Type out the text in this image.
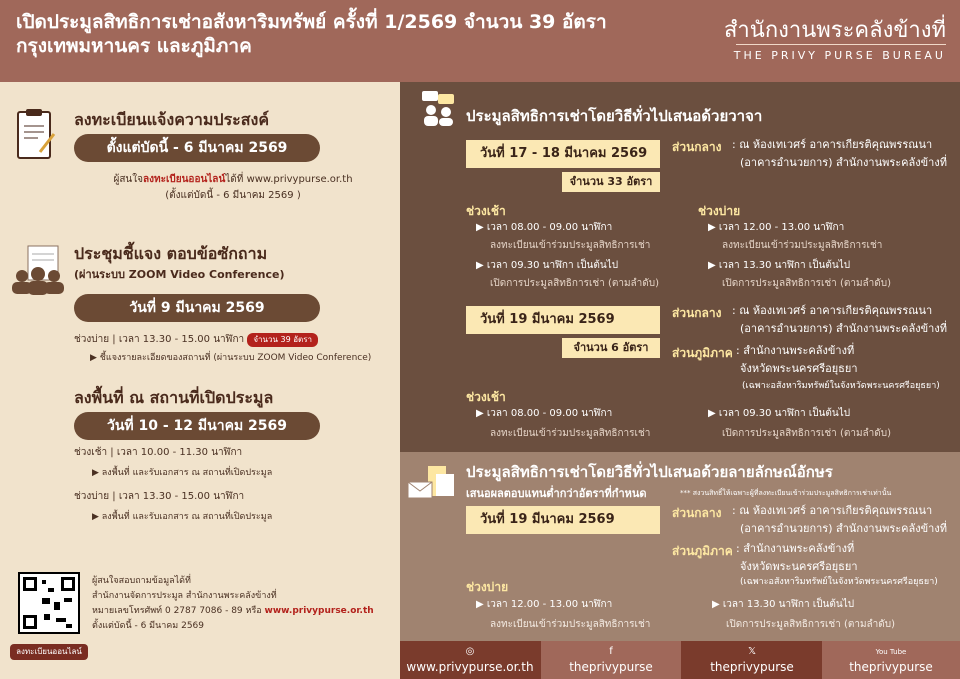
เปิดประมูลสิทธิการเช่าอสังหาริมทรัพย์ ครั้งที่ 1/2569 จำนวน 39 อัตรา
กรุงเทพมหานคร และภูมิภาค
สำนักงานพระคลังข้างที่
THE PRIVY PURSE BUREAU
ลงทะเบียนแจ้งความประสงค์
ตั้งแต่บัดนี้ - 6 มีนาคม 2569
ผู้สนใจลงทะเบียนออนไลน์ได้ที่ www.privypurse.or.th
(ตั้งแต่บัดนี้ - 6 มีนาคม 2569 )
ประชุมชี้แจง ตอบข้อซักถาม
(ผ่านระบบ ZOOM Video Conference)
วันที่ 9 มีนาคม 2569
ช่วงบ่าย | เวลา 13.30 - 15.00 นาฬิกา จำนวน 39 อัตรา
▶ ชี้แจงรายละเอียดของสถานที่ (ผ่านระบบ ZOOM Video Conference)
ลงพื้นที่ ณ สถานที่เปิดประมูล
วันที่ 10 - 12 มีนาคม 2569
ช่วงเช้า | เวลา 10.00 - 11.30 นาฬิกา
▶ ลงพื้นที่ และรับเอกสาร ณ สถานที่เปิดประมูล
ช่วงบ่าย | เวลา 13.30 - 15.00 นาฬิกา
▶ ลงพื้นที่ และรับเอกสาร ณ สถานที่เปิดประมูล
ลงทะเบียนออนไลน์
ผู้สนใจสอบถามข้อมูลได้ที่
สำนักงานจัดการประมูล สำนักงานพระคลังข้างที่
หมายเลขโทรศัพท์ 0 2787 7086 - 89 หรือ www.privypurse.or.th
ตั้งแต่บัดนี้ - 6 มีนาคม 2569
ประมูลสิทธิการเช่าโดยวิธีทั่วไปเสนอด้วยวาจา
วันที่ 17 - 18 มีนาคม 2569
จำนวน 33 อัตรา
ส่วนกลาง : ณ ห้องเทเวศร์ อาคารเกียรติคุณพรรณนา
(อาคารอำนวยการ) สำนักงานพระคลังข้างที่
ช่วงเช้า
▶ เวลา 08.00 - 09.00 นาฬิกา
ลงทะเบียนเข้าร่วมประมูลสิทธิการเช่า
▶ เวลา 09.30 นาฬิกา เป็นต้นไป
เปิดการประมูลสิทธิการเช่า (ตามลำดับ)
ช่วงบ่าย
▶ เวลา 12.00 - 13.00 นาฬิกา
ลงทะเบียนเข้าร่วมประมูลสิทธิการเช่า
▶ เวลา 13.30 นาฬิกา เป็นต้นไป
เปิดการประมูลสิทธิการเช่า (ตามลำดับ)
วันที่ 19 มีนาคม 2569
จำนวน 6 อัตรา
ส่วนกลาง : ณ ห้องเทเวศร์ อาคารเกียรติคุณพรรณนา
(อาคารอำนวยการ) สำนักงานพระคลังข้างที่
ส่วนภูมิภาค : สำนักงานพระคลังข้างที่
จังหวัดพระนครศรีอยุธยา
(เฉพาะอสังหาริมทรัพย์ในจังหวัดพระนครศรีอยุธยา)
ช่วงเช้า
▶ เวลา 08.00 - 09.00 นาฬิกา
ลงทะเบียนเข้าร่วมประมูลสิทธิการเช่า
▶ เวลา 09.30 นาฬิกา เป็นต้นไป
เปิดการประมูลสิทธิการเช่า (ตามลำดับ)
ประมูลสิทธิการเช่าโดยวิธีทั่วไปเสนอด้วยลายลักษณ์อักษร
เสนอผลตอบแทนต่ำกว่าอัตราที่กำหนด	*** สงวนสิทธิ์ให้เฉพาะผู้ที่ลงทะเบียนเข้าร่วมประมูลสิทธิการเช่าเท่านั้น
วันที่ 19 มีนาคม 2569	ส่วนกลาง : ณ ห้องเทเวศร์ อาคารเกียรติคุณพรรณนา
(อาคารอำนวยการ) สำนักงานพระคลังข้างที่
ส่วนภูมิภาค : สำนักงานพระคลังข้างที่
จังหวัดพระนครศรีอยุธยา
(เฉพาะอสังหาริมทรัพย์ในจังหวัดพระนครศรีอยุธยา)
ช่วงบ่าย
▶ เวลา 12.00 - 13.00 นาฬิกา
ลงทะเบียนเข้าร่วมประมูลสิทธิการเช่า
▶ เวลา 13.30 นาฬิกา เป็นต้นไป
เปิดการประมูลสิทธิการเช่า (ตามลำดับ)
◎
www.privypurse.or.th
f
theprivypurse
𝕏
theprivypurse
You Tube
theprivypurse
